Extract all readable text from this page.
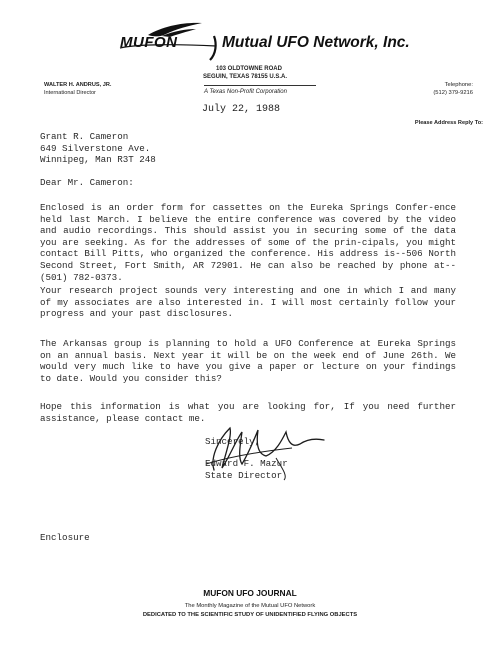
MUFON	Mutual UFO Network, Inc.
103 OLDTOWNE ROAD
SEGUIN, TEXAS 78155 U.S.A.
A Texas Non-Profit Corporation
WALTER H. ANDRUS, JR.
International Director
Telephone:
(512) 379-9216
July 22, 1988
Please Address Reply To:
Grant R. Cameron
649 Silverstone Ave.
Winnipeg, Man R3T 248
Dear Mr. Cameron:
Enclosed is an order form for cassettes on the Eureka Springs Confer-ence held last March. I believe the entire conference was covered by the video and audio recordings. This should assist you in securing some of the data you are seeking. As for the addresses of some of the prin-cipals, you might contact Bill Pitts, who organized the conference. His address is--506 North Second Street, Fort Smith, AR 72901. He can also be reached by phone at--(501) 782-0373.
Your research project sounds very interesting and one in which I and many of my associates are also interested in. I will most certainly follow your progress and your past disclosures.
The Arkansas group is planning to hold a UFO Conference at Eureka Springs on an annual basis. Next year it will be on the week end of June 26th. We would very much like to have you give a paper or lecture on your findings to date. Would you consider this?
Hope this information is what you are looking for, If you need further assistance, please contact me.
Sincerely,
Edward F. Mazur
State Director
Enclosure
MUFON UFO JOURNAL
The Monthly Magazine of the Mutual UFO Network
DEDICATED TO THE SCIENTIFIC STUDY OF UNIDENTIFIED FLYING OBJECTS
